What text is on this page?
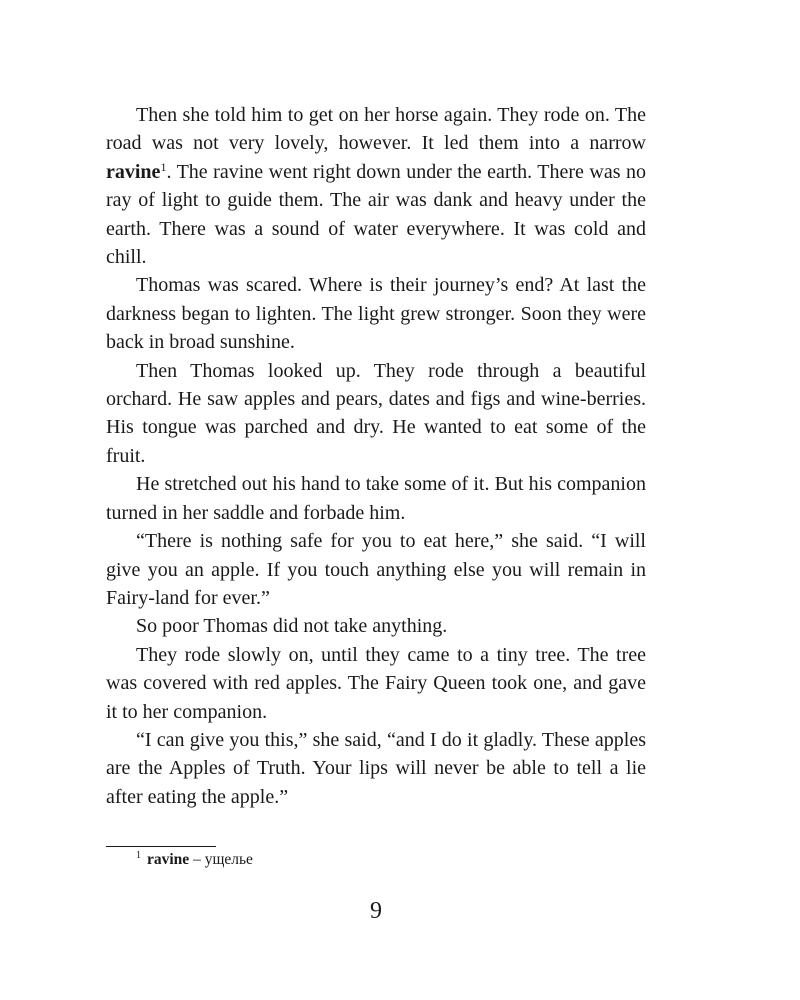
Then she told him to get on her horse again. They rode on. The road was not very lovely, however. It led them into a narrow ravine$^1$. The ravine went right down under the earth. There was no ray of light to guide them. The air was dank and heavy under the earth. There was a sound of water everywhere. It was cold and chill.

Thomas was scared. Where is their journey’s end? At last the darkness began to lighten. The light grew stronger. Soon they were back in broad sunshine.

Then Thomas looked up. They rode through a beautiful orchard. He saw apples and pears, dates and figs and wine-berries. His tongue was parched and dry. He wanted to eat some of the fruit.

He stretched out his hand to take some of it. But his companion turned in her saddle and forbade him.

“There is nothing safe for you to eat here,” she said. “I will give you an apple. If you touch anything else you will remain in Fairy-land for ever.”

So poor Thomas did not take anything.

They rode slowly on, until they came to a tiny tree. The tree was covered with red apples. The Fairy Queen took one, and gave it to her companion.

“I can give you this,” she said, “and I do it gladly. These apples are the Apples of Truth. Your lips will never be able to tell a lie after eating the apple.”

$^1$ ravine – ущелье
9
